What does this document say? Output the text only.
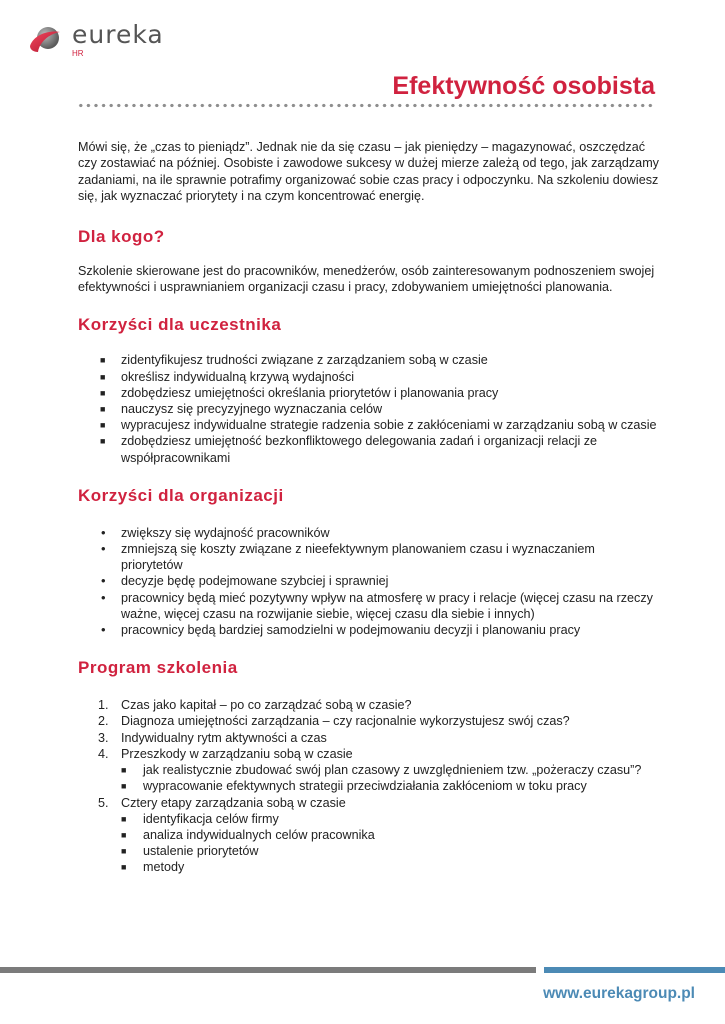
eureka
HR
Efektywność osobista

Mówi się, że „czas to pieniądz”. Jednak nie da się czasu – jak pieniędzy – magazynować, oszczędzać czy zostawiać na później. Osobiste i zawodowe sukcesy w dużej mierze zależą od tego, jak zarządzamy zadaniami, na ile sprawnie potrafimy organizować sobie czas pracy i odpoczynku. Na szkoleniu dowiesz się, jak wyznaczać priorytety i na czym koncentrować energię.

Dla kogo?

Szkolenie skierowane jest do pracowników, menedżerów, osób zainteresowanym podnoszeniem swojej efektywności i usprawnianiem organizacji czasu i pracy, zdobywaniem umiejętności planowania.

Korzyści dla uczestnika
■ zidentyfikujesz trudności związane z zarządzaniem sobą w czasie
■ określisz indywidualną krzywą wydajności
■ zdobędziesz umiejętności określania priorytetów i planowania pracy
■ nauczysz się precyzyjnego wyznaczania celów
■ wypracujesz indywidualne strategie radzenia sobie z zakłóceniami w zarządzaniu sobą w czasie
■ zdobędziesz umiejętność bezkonfliktowego delegowania zadań i organizacji relacji ze współpracownikami
Korzyści dla organizacji
• zwiększy się wydajność pracowników
• zmniejszą się koszty związane z nieefektywnym planowaniem czasu i wyznaczaniem priorytetów
• decyzje będę podejmowane szybciej i sprawniej
• pracownicy będą mieć pozytywny wpływ na atmosferę w pracy i relacje (więcej czasu na rzeczy ważne, więcej czasu na rozwijanie siebie, więcej czasu dla siebie i innych)
• pracownicy będą bardziej samodzielni w podejmowaniu decyzji i planowaniu pracy
Program szkolenia
1. Czas jako kapitał – po co zarządzać sobą w czasie?
2. Diagnoza umiejętności zarządzania – czy racjonalnie wykorzystujesz swój czas?
3. Indywidualny rytm aktywności a czas
4. Przeszkody w zarządzaniu sobą w czasie
■ jak realistycznie zbudować swój plan czasowy z uwzględnieniem tzw. „pożeraczy czasu”?
■ wypracowanie efektywnych strategii przeciwdziałania zakłóceniom w toku pracy
5. Cztery etapy zarządzania sobą w czasie
■ identyfikacja celów firmy
■ analiza indywidualnych celów pracownika
■ ustalenie priorytetów
■ metody
www.eurekagroup.pl
